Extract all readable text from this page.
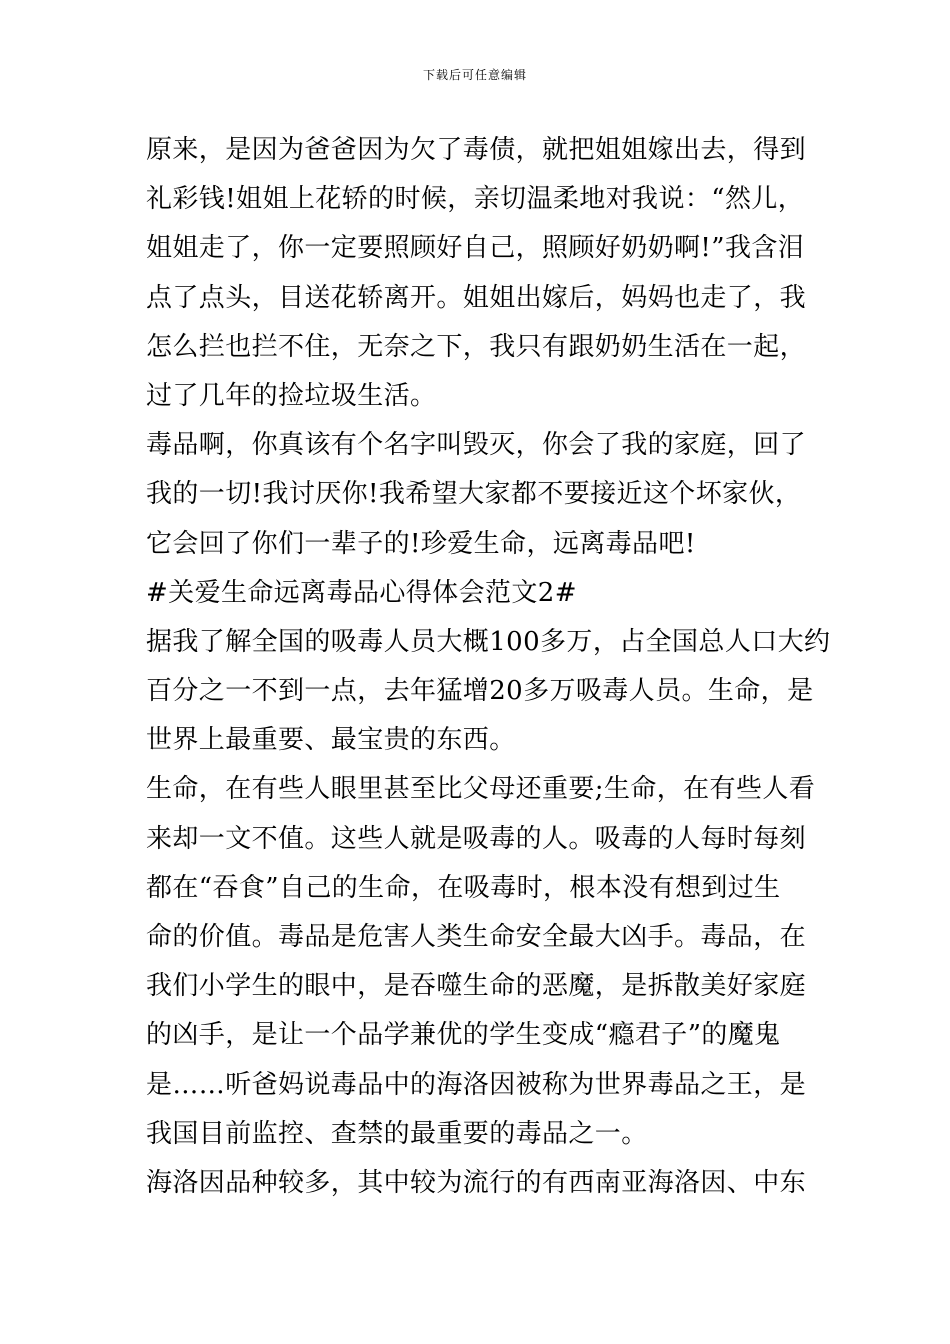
下载后可任意编辑
原来，是因为爸爸因为欠了毒债，就把姐姐嫁出去，得到
礼彩钱!姐姐上花轿的时候，亲切温柔地对我说：“然儿，
姐姐走了，你一定要照顾好自己，照顾好奶奶啊!”我含泪
点了点头，目送花轿离开。姐姐出嫁后，妈妈也走了，我
怎么拦也拦不住，无奈之下，我只有跟奶奶生活在一起，
过了几年的捡垃圾生活。
毒品啊，你真该有个名字叫毁灭，你会了我的家庭，回了
我的一切!我讨厌你!我希望大家都不要接近这个坏家伙，
它会回了你们一辈子的!珍爱生命，远离毒品吧!
#关爱生命远离毒品心得体会范文2#
据我了解全国的吸毒人员大概100多万，占全国总人口大约
百分之一不到一点，去年猛增20多万吸毒人员。生命，是
世界上最重要、最宝贵的东西。
生命，在有些人眼里甚至比父母还重要;生命，在有些人看
来却一文不值。这些人就是吸毒的人。吸毒的人每时每刻
都在“吞食”自己的生命，在吸毒时，根本没有想到过生
命的价值。毒品是危害人类生命安全最大凶手。毒品，在
我们小学生的眼中，是吞噬生命的恶魔，是拆散美好家庭
的凶手，是让一个品学兼优的学生变成“瘾君子”的魔鬼
是……听爸妈说毒品中的海洛因被称为世界毒品之王，是
我国目前监控、查禁的最重要的毒品之一。
海洛因品种较多，其中较为流行的有西南亚海洛因、中东
